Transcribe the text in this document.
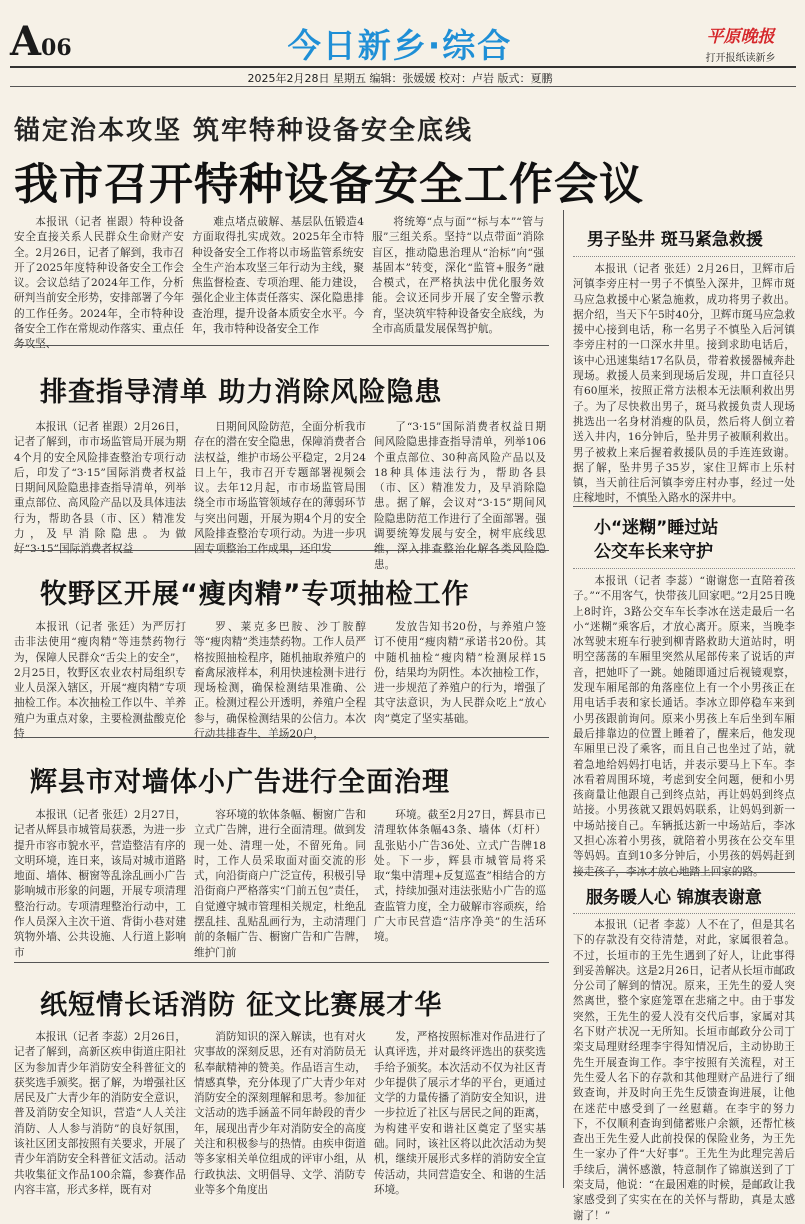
A06	今日新乡·综合	平原晚报
打开报纸读新乡
2025年2月28日 星期五 编辑：张媛媛 校对：卢岩 版式：夏鹏
锚定治本攻坚 筑牢特种设备安全底线
我市召开特种设备安全工作会议

本报讯（记者 崔跟）特种设备安全直接关系人民群众生命财产安全。2月26日，记者了解到，我市召开了2025年度特种设备安全工作会议。会议总结了2024年工作，分析研判当前安全形势，安排部署了今年的工作任务。2024年，全市特种设备安全工作在常规动作落实、重点任务攻坚、

难点堵点破解、基层队伍锻造4方面取得扎实成效。2025年全市特种设备安全工作将以市场监管系统安全生产治本攻坚三年行动为主线，聚焦监督检查、专项治理、能力建设，强化企业主体责任落实、深化隐患排查治理，提升设备本质安全水平。今年，我市特种设备安全工作

将统筹“点与面”“标与本”“管与服”三组关系。坚持“以点带面”消除盲区，推动隐患治理从“治标”向“强基固本”转变，深化“监管+服务”融合模式，在严格执法中优化服务效能。会议还同步开展了安全警示教育，坚决筑牢特种设备安全底线，为全市高质量发展保驾护航。

排查指导清单 助力消除风险隐患

本报讯（记者 崔跟）2月26日，记者了解到，市市场监管局开展为期4个月的安全风险排查整治专项行动后，印发了“3·15”国际消费者权益日期间风险隐患排查指导清单，列举重点部位、高风险产品以及具体违法行为，帮助各县（市、区）精准发力，及早消除隐患。为做好“3·15”国际消费者权益

日期间风险防范，全面分析我市存在的潜在安全隐患，保障消费者合法权益，维护市场公平稳定，2月24日上午，我市召开专题部署视频会议。去年12月起，市市场监管局围绕全市市场监管领域存在的薄弱环节与突出问题，开展为期4个月的安全风险排查整治专项行动。为进一步巩固专项整治工作成果，还印发

了“3·15”国际消费者权益日期间风险隐患排查指导清单，列举106个重点部位、30种高风险产品以及18种具体违法行为，帮助各县（市、区）精准发力，及早消除隐患。据了解，会议对“3·15”期间风险隐患防范工作进行了全面部署。强调要统筹发展与安全，树牢底线思维，深入排查整治化解各类风险隐患。

牧野区开展“瘦肉精”专项抽检工作

本报讯（记者 张廷）为严厉打击非法使用“瘦肉精”等违禁药物行为，保障人民群众“舌尖上的安全”，2月25日，牧野区农业农村局组织专业人员深入辖区，开展“瘦肉精”专项抽检工作。本次抽检工作以牛、羊养殖户为重点对象，主要检测盐酸克伦特

罗、莱克多巴胺、沙丁胺醇等“瘦肉精”类违禁药物。工作人员严格按照抽检程序，随机抽取养殖户的畜禽尿液样本，利用快速检测卡进行现场检测，确保检测结果准确、公正。检测过程公开透明，养殖户全程参与，确保检测结果的公信力。本次行动共排查牛、羊场20户，

发放告知书20份，与养殖户签订不使用“瘦肉精”承诺书20份。其中随机抽检“瘦肉精”检测尿样15份，结果均为阴性。本次抽检工作，进一步规范了养殖户的行为，增强了其守法意识，为人民群众吃上“放心肉”奠定了坚实基础。

辉县市对墙体小广告进行全面治理

本报讯（记者 张廷）2月27日，记者从辉县市城管局获悉，为进一步提升市容市貌水平，营造整洁有序的文明环境，连日来，该局对城市道路地面、墙体、橱窗等乱涂乱画小广告影响城市形象的问题，开展专项清理整治行动。专项清理整治行动中，工作人员深入主次干道、背街小巷对建筑物外墙、公共设施、人行道上影响市

容环境的软体条幅、橱窗广告和立式广告牌，进行全面清理。做到发现一处、清理一处，不留死角。同时，工作人员采取面对面交流的形式，向沿街商户广泛宣传，积极引导沿街商户严格落实“门前五包”责任，自觉遵守城市管理相关规定，杜绝乱摆乱挂、乱贴乱画行为，主动清理门前的条幅广告、橱窗广告和广告牌，维护门前

环境。截至2月27日，辉县市已清理软体条幅43条、墙体（灯杆）乱张贴小广告36处、立式广告牌18处。下一步，辉县市城管局将采取“集中清理+反复巡查”相结合的方式，持续加强对违法张贴小广告的巡查监管力度，全力破解市容顽疾，给广大市民营造“洁序净美”的生活环境。

纸短情长话消防 征文比赛展才华

本报讯（记者 李蕊）2月26日，记者了解到，高新区疾申街道庄阳社区为参加青少年消防安全科普征文的获奖选手颁奖。据了解，为增强社区居民及广大青少年的消防安全意识，普及消防安全知识，营造“人人关注消防、人人参与消防”的良好氛围，该社区团支部按照有关要求，开展了青少年消防安全科普征文活动。活动共收集征文作品100余篇，参赛作品内容丰富，形式多样，既有对

消防知识的深入解读，也有对火灾事故的深刻反思，还有对消防员无私奉献精神的赞美。作品语言生动，情感真挚，充分体现了广大青少年对消防安全的深刻理解和思考。参加征文活动的选手涵盖不同年龄段的青少年，展现出青少年对消防安全的高度关注和积极参与的热情。由疾申街道等多家相关单位组成的评审小组，从行政执法、文明倡导、文学、消防专业等多个角度出

发，严格按照标准对作品进行了认真评选，并对最终评选出的获奖选手给予颁奖。本次活动不仅为社区青少年提供了展示才华的平台，更通过文学的力量传播了消防安全知识，进一步拉近了社区与居民之间的距离，为构建平安和谐社区奠定了坚实基础。同时，该社区将以此次活动为契机，继续开展形式多样的消防安全宣传活动，共同营造安全、和谐的生活环境。

男子坠井 斑马紧急救援

本报讯（记者 张廷）2月26日，卫辉市后河镇李旁庄村一男子不慎坠入深井，卫辉市斑马应急救援中心紧急施救，成功将男子救出。据介绍，当天下午5时40分，卫辉市斑马应急救援中心接到电话，称一名男子不慎坠入后河镇李旁庄村的一口深水井里。接到求助电话后，该中心迅速集结17名队员，带着救援器械奔赴现场。救援人员来到现场后发现，井口直径只有60厘米，按照正常方法根本无法顺利救出男子。为了尽快救出男子，斑马救援负责人现场挑选出一名身材消瘦的队员，然后将人倒立着送入井内，16分钟后，坠井男子被顺利救出。男子被救上来后握着救援队员的手连连致谢。据了解，坠井男子35岁，家住卫辉市上乐村镇，当天前往后河镇李旁庄村办事，经过一处庄稼地时，不慎坠入路水的深井中。

小“迷糊”睡过站
公交车长来守护

本报讯（记者 李蕊）“谢谢您一直陪着孩子。”“不用客气，快带孩儿回家吧。”2月25日晚上8时许，3路公交车车长李冰在送走最后一名小“迷糊”乘客后，才放心离开。原来，当晚李冰驾驶末班车行驶到柳青路救助大道站时，明明空荡荡的车厢里突然从尾部传来了说话的声音，把她吓了一跳。她随即通过后视镜观察，发现车厢尾部的角落座位上有一个小男孩正在用电话手表和家长通话。李冰立即停稳车来到小男孩跟前询问。原来小男孩上车后坐到车厢最后排靠边的位置上睡着了，醒来后，他发现车厢里已没了乘客，而且自己也坐过了站，就着急地给妈妈打电话，并表示要马上下车。李冰看着周围环境，考虑到安全问题，便和小男孩商量让他跟自己到终点站，再让妈妈到终点站接。小男孩就又跟妈妈联系，让妈妈到新一中场站接自己。车辆抵达新一中场站后，李冰又担心冻着小男孩，就陪着小男孩在公交车里等妈妈。直到10多分钟后，小男孩的妈妈赶到接走孩子，李冰才放心地踏上回家的路。

服务暖人心 锦旗表谢意

本报讯（记者 李蕊）人不在了，但是其名下的存款没有交待清楚，对此，家属很着急。不过，长垣市的王先生遇到了好人，让此事得到妥善解决。这是2月26日，记者从长垣市邮政分公司了解到的情况。原来，王先生的爱人突然离世，整个家庭笼罩在悲痛之中。由于事发突然，王先生的爱人没有交代后事，家属对其名下财产状况一无所知。长垣市邮政分公司丁栾支局理财经理李宇得知情况后，主动协助王先生开展查询工作。李宇按照有关流程，对王先生爱人名下的存款和其他理财产品进行了细致查询，并及时向王先生反馈查询进展，让他在迷茫中感受到了一丝慰藉。在李宇的努力下，不仅顺利查询到储蓄账户余额，还帮忙核查出王先生爱人此前投保的保险业务，为王先生一家办了件“大好事”。王先生为此理完善后手续后，满怀感激，特意制作了锦旗送到了丁栾支局，他说：“在最困难的时候，是邮政让我家感受到了实实在在的关怀与帮助，真是太感谢了！”
